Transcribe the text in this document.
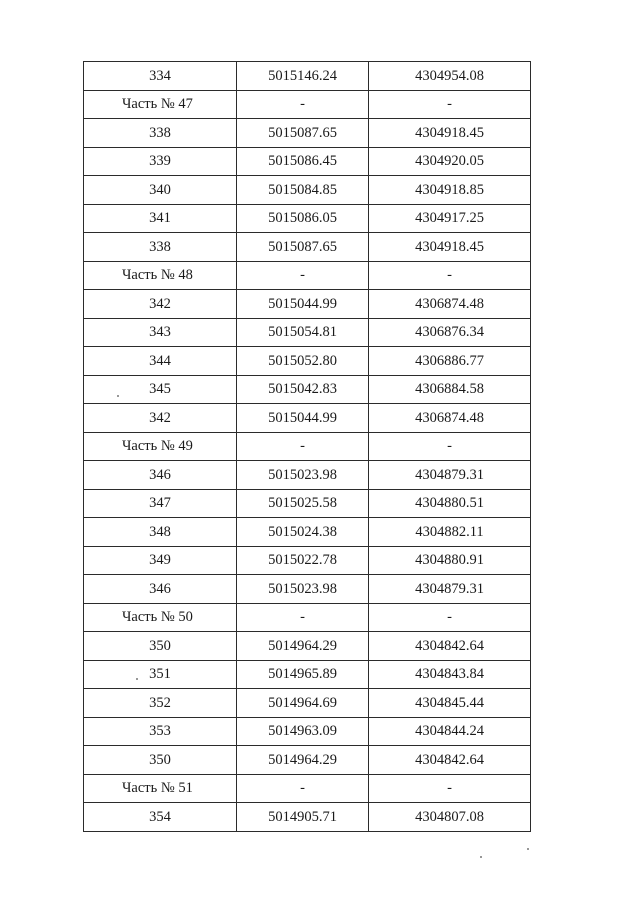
334	5015146.24	4304954.08
Часть № 47	-	-
338	5015087.65	4304918.45
339	5015086.45	4304920.05
340	5015084.85	4304918.85
341	5015086.05	4304917.25
338	5015087.65	4304918.45
Часть № 48	-	-
342	5015044.99	4306874.48
343	5015054.81	4306876.34
344	5015052.80	4306886.77
345	5015042.83	4306884.58
342	5015044.99	4306874.48
Часть № 49	-	-
346	5015023.98	4304879.31
347	5015025.58	4304880.51
348	5015024.38	4304882.11
349	5015022.78	4304880.91
346	5015023.98	4304879.31
Часть № 50	-	-
350	5014964.29	4304842.64
351	5014965.89	4304843.84
352	5014964.69	4304845.44
353	5014963.09	4304844.24
350	5014964.29	4304842.64
Часть № 51	-	-
354	5014905.71	4304807.08
